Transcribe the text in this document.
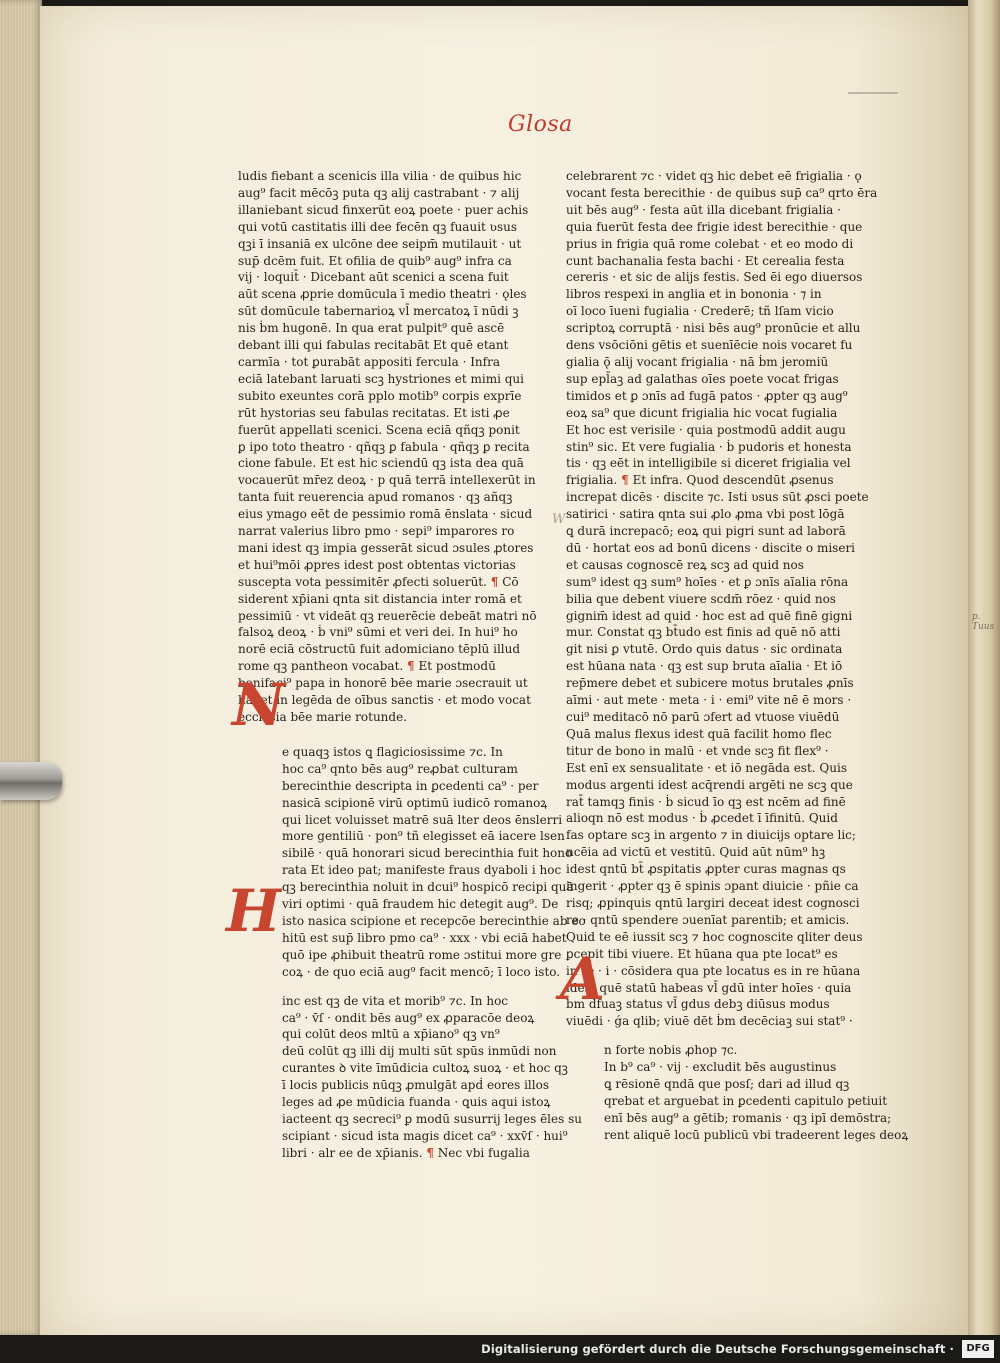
p. Tuus
W
Glosa
ludis fiebant a scenicis illa vilia · de quibus hic
aug⁹ facit mēcōꝫ puta qꝫ alij castrabant · ⁊ alij
illaniebant sicud finxerūt eoꝝ poete · puer achis
qui votū castitatis illi dee fecēn qꝫ fuauit ʋsus
qꝫi ī insaniā ex ulcōne dee seipm̄ mutilauit · ut
sup̄ dcēm fuit. Et ofilia de quib⁹ aug⁹ infra ca
vij · loquit̄ · Dicebant aūt scenici a scena fuit
aūt scena ꝓprie domūcula ī medio theatri · ǫles
sūt domūcule tabernarioꝝ vl̄ mercatoꝝ ī nūdi ꝫ
nis ḃm hugonē. In qua erat pulpit⁹ quē ascē
debant illi qui fabulas recitabāt Et quē etant
carmīa · tot ꝑurabāt appositi fercula · Infra
eciā latebant laruati scꝫ hystriones et mimi qui
subito exeuntes corā pplo motib⁹ corpis exprīe
rūt hystorias seu fabulas recitatas. Et isti ꝓe
fuerūt appellati scenici. Scena eciā qñqꝫ ponit
ꝑ ipo toto theatro · qñqꝫ ꝑ fabula · qñqꝫ ꝑ recita
cione fabule. Et est hic sciendū qꝫ ista dea quā
vocauerūt mr̄ez deoꝝ · p quā terrā intellexerūt in
tanta fuit reuerencia apud romanos · qꝫ añqꝫ
eius ymago eēt de pessimio romā ēnslata · sicud
narrat valerius libro pmo · sepi⁹ imparores ro
mani idest qꝫ impia gesserāt sicud ɔsules ꝓtores
et hui⁹mōi ꝓpres idest post obtentas victorias
suscepta vota pessimitēr ꝓfecti soluerūt. ¶ Cō
siderent xp̄iani qnta sit distancia inter romā et
pessimiū · vt videāt qꝫ reuerēcie debeāt matri nō
falsoꝝ deoꝝ · ḃ vni⁹ sūmi et veri dei. In hui⁹ ho
norē eciā cōstructū fuit adomiciano tēplū illud
rome qꝫ pantheon vocabat. ¶ Et postmodū
bonifaci⁹ papa in honorē bēe marie ɔsecrauit ut
habet in legēda de oībus sanctis · et modo vocat
ecclesia bēe marie rotunde.
e quaqꝫ istos ꝗ flagiciosissime ⁊c. In
hoc ca⁹ qnto bēs aug⁹ reꝓbat culturam
berecinthie descripta in ꝑcedenti ca⁹ · per
nasicā scipionē virū optimū iudicō romanoꝝ
qui licet voluisset matrē suā lter deos ēnslerri
more gentiliū · pon⁹ tñ elegisset eā iacere lsen
sibilē · quā honorari sicud berecinthia fuit hono
rata Et ideo pat; manifeste fraus dyaboli i hoc
qꝫ berecinthia noluit in dcui⁹ hospicō recipi quā
viri optimi · quā fraudem hic detegit aug⁹. De
isto nasica scipione et recepcōe berecinthie ab eo
hitū est sup̄ libro pmo ca⁹ · xxx · vbi eciā habet
quō ipe ꝓhibuit theatrū rome ɔstitui more gre
coꝝ · de quo eciā aug⁹ facit mencō; ī loco isto.
inc est qꝫ de vita et morib⁹ ⁊c. In hoc
ca⁹ · v̄ſ · ondit bēs aug⁹ ex ꝓparacōe deoꝝ
qui colūt deos mltū a xp̄iano⁹ qꝫ vn⁹
deū colūt qꝫ illi dij multi sūt spūs inmūdi non
curantes ꝺ vite īmūdicia cultoꝝ suoꝝ · et hoc qꝫ
ī locis publicis nūqꝫ ꝓmulgāt apḋ eores illos
leges ad ꝓe mūdicia fuanda · ꝗuis aqui istoꝝ
iacteent qꝫ secreci⁹ ꝑ modū susurrij leges ēles su
scipiant · sicud ista magis dicet ca⁹ · xxv̄ſ · hui⁹
libri · alr ee de xp̄ianis. ¶ Nec vbi fugalia
N
H
celebrarent ⁊c · videt qꝫ hic debet eē frigialia · ǫ
vocant festa berecithie · de quibus sup̄ ca⁹ qrto ēra
uit bēs aug⁹ · festa aūt illa dicebant frigialia ·
quia fuerūt festa dee frigie idest berecithie · que
prius in frigia quā rome colebat · et eo modo di
cunt bachanalia festa bachi · Et cerealia festa
cereris · et sic de alijs festis. Sed ēi ego diuersos
libros respexi in anglia et in bononia · ⁊ in
oī loco īueni fugialia · Crederē; tñ lſam vicio
scriptoꝝ corruptā · nisi bēs aug⁹ pronūcie et allu
dens vsōciōni gētis et suenīēcie nois vocaret fu
gialia ǭ alij vocant frigialia · nā ḃm jeromiū
sup epl̄aꝫ ad galathas oīes poete vocat frigas
timidos et ꝑ ɔnīs ad fugā patos · ꝓpter qꝫ aug⁹
eoꝝ sa⁹ que dicunt frigialia hic vocat fugialia
Et hoc est verisile · quia postmodū addit augu
stin⁹ sic. Et vere fugialia · ḃ pudoris et honesta
tis · qꝫ eēt in intelligibile si diceret frigialia vel
frigialia. ¶ Et infra. Quod descendūt ꝓsenus
increpat dicēs · discite ⁊c. Isti ʋsus sūt ꝓsci poete
satirici · satira qnta sui ꝓlo ꝓma vbi post lōgā
ꝗ durā increpacō; eoꝝ qui pigri sunt ad laborā
dū · hortat eos ad bonū dicens · discite o miseri
et causas cognoscē reꝝ scꝫ ad quid nos
sum⁹ idest qꝫ sum⁹ hoīes · et ꝑ ɔnīs aīalia rōna
bilia que debent viuere scdm̄ rōez · quid nos
gignim̄ idest ad quid · hoc est ad quē finē gigni
mur. Constat qꝫ bt̄udo est finis ad quē nō atti
git nisi ꝑ vtutē. Ordo quis datus · sic ordinata
est hūana nata · qꝫ est sup bruta aīalia · Et iō
rep̄mere debet et subicere motus brutales ꝓnīs
aīmi · aut mete · meta · i · emi⁹ vite nē ē mors ·
cui⁹ meditacō nō parū ɔfert ad vtuose viuēdū
Quā malus flexus idest quā facilit homo flec
titur de bono in malū · et vnde scꝫ fit flex⁹ ·
Est enī ex sensualitate · et iō negāda est. Quis
modus argenti idest acq̄rendi argēti ne scꝫ que
rat̄ tamqꝫ finis · ḃ sicud īo qꝫ est ncēm ad finē
alioqn nō est modus · ḃ ꝓcedet ī īfinitū. Quid
fas optare scꝫ in argento ⁊ in diuicijs optare lic;
ncēia ad victū et vestitū. Quid aūt nūm⁹ hꝫ
idest qntū bt̄ ꝓspitatis ꝓpter curas magnas qs
ingerit · ꝓpter qꝫ ē spinis ɔpant diuicie · pñie ca
risq; ꝓpinquis qntū largiri deceat idest cognosci
re · qntū spendere ɔuenīat parentib; et amicis.
Quid te eē iussit scꝫ ⁊ hoc cognoscite qliter deus
ꝑcepit tibi viuere. Et hūana qua pte locat⁹ es
in re · i · cōsidera qua pte locatus es in re hūana
idest quē statū habeas vl̄ gdū inter hoīes · quia
ḃm dfuaꝫ status vl̄ gdus debꝫ diūsus modus
viuēdi · ǵa qlib; viuē dēt ḃm decēciaꝫ sui stat⁹ ·
n forte nobis ꝓhop ⁊c.
In b⁹ ca⁹ · vij · excludit bēs augustinus
ꝗ rēsionē qndā que posſ; dari ad illud qꝫ
qrebat et arguebat in ꝑcedenti capitulo petiuit
enī bēs aug⁹ a gētib; romanis · qꝫ ipī demōstra;
rent aliquē locū publicū vbi tradeerent leges deoꝝ
A
Digitalisierung gefördert durch die Deutsche Forschungsgemeinschaft ·	DFG
